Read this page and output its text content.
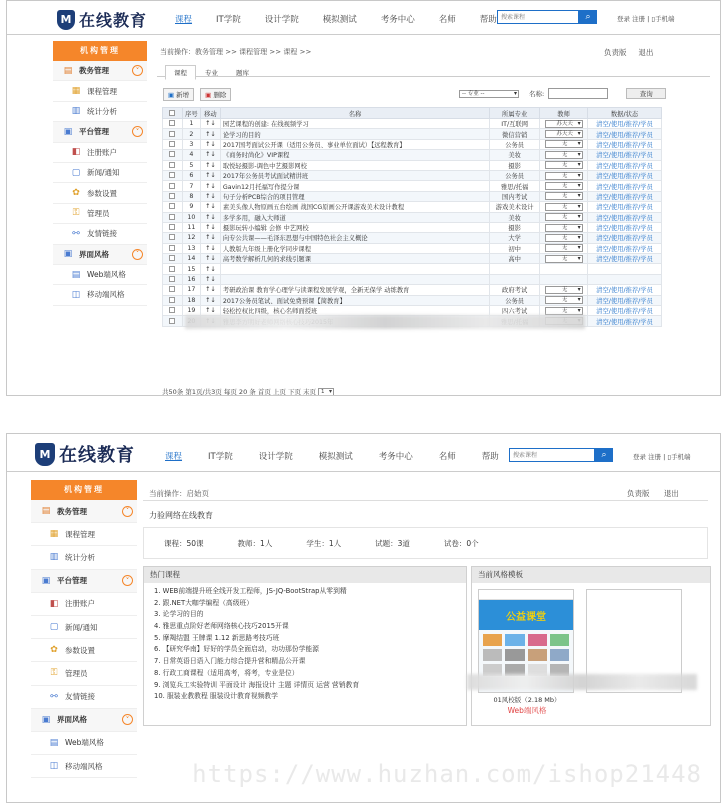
M 在线教育	课程	IT学院	设计学院	模拟测试	考务中心	名师	帮助
搜索课程	⌕	登录 注册 | ▯手机端
机构管理
▤ 教务管理	˅
▦ 课程管理
▥ 统计分析
▣ 平台管理	˅
◧ 注册账户
▢ 新闻/通知
✿ 参数设置
⚿ 管理员
⚯ 友情链接
▣ 界面风格	˅
▤ Web端风格
◫ 移动端风格
当前操作：教务管理 >> 课程管理 >> 课程 >>	负责版 退出
课程	专业	题库
▣ 新增 ▣ 删除	-- 专业 -- ▾	名称:	查询
	序号	移动	名称	所属专业	教师	数据/状态
	1	↑↓	园艺课程的创建: 在线视频学习	IT/互联网	苏天天 ▾	清空/使用/推荐/学员
	2	↑↓	论学习的目的	微信营销	苏天天 ▾	清空/使用/推荐/学员
	3	↑↓	2017国考面试公开课（适用公务员、事业单位面试）【远程教育】	公务员	无 ▾	清空/使用/推荐/学员
	4	↑↓	《商务时尚化》VIP课程	美妆	无 ▾	清空/使用/推荐/学员
	5	↑↓	取悦轻摄影-调色中艺摄影网校	摄影	无 ▾	清空/使用/推荐/学员
	6	↑↓	2017年公务员考试面试精讲班	公务员	无 ▾	清空/使用/推荐/学员
	7	↑↓	Gavin12月托福写作提分课	雅思/托福	无 ▾	清空/使用/推荐/学员
	8	↑↓	句子分析PCB综合的项目管理	国内考试	无 ▾	清空/使用/推荐/学员
	9	↑↓	素美头像人物原画五台绘画 战国CG原画公开课游戏美术设计教程	游戏美术设计	无 ▾	清空/使用/推荐/学员
	10	↑↓	多学多用，融入大师道	美妆	无 ▾	清空/使用/推荐/学员
	11	↑↓	摄影玩转小编辑 会修 中艺网校	摄影	无 ▾	清空/使用/推荐/学员
	12	↑↓	向专公共课——毛泽东思想与中国特色社会主义概论	大学	无 ▾	清空/使用/推荐/学员
	13	↑↓	人教版九年级上册化学同步课程	初中	无 ▾	清空/使用/推荐/学员
	14	↑↓	高考数学解析几何的求线引题课	高中	无 ▾	清空/使用/推荐/学员
	15	↑↓				
	16	↑↓				
	17	↑↓	考研政治课 教育学心理学与读课程发展学观，全新无保学 动练教育	政府考试	无 ▾	清空/使用/推荐/学员
	18	↑↓	2017公务员笔试、面试免费预课【简教育】	公务员	无 ▾	清空/使用/推荐/学员
	19	↑↓	轻松控权比四级，核心名师面授班	四六考试	无 ▾	清空/使用/推荐/学员
					▾	清空/使用/推荐/学员
共50条 第1页/共3页 每页 20 条 首页 上页 下页 末页 1 ▾
M 在线教育	课程	IT学院	设计学院	模拟测试	考务中心	名师	帮助
搜索课程	⌕	登录 注册 | ▯手机端
机构管理
▤ 教务管理	˅
▦ 课程管理
▥ 统计分析
▣ 平台管理	˅
◧ 注册账户
▢ 新闻/通知
✿ 参数设置
⚿ 管理员
⚯ 友情链接
▣ 界面风格	˅
▤ Web端风格
◫ 移动端风格
当前操作：启始页	负责版 退出
力验网络在线教育
课程：50课	教师：1人	学生：1人	试题：3道	试卷：0个
热门课程
1. WEB前端提升班全线开发工程师，JS-JQ-BootStrap从零到精
2. 跟.NET大咖学编程（高级班）
3. 论学习的目的
4. 雅思重点阶好老师网络核心技巧2015开课
5. 摩羯结盟 王牌课 1.12 新思路考技巧班
6. 【研究华南】好好的学员全面启动，功功那份学能源
7. 日常英语日语入门能力综合提升营和精品公开课
8. 行政工商课程（适用高考，将考，专业是位）
9. 浏览兵工实验特训 平面设计 海报设计 主题 详情页 运营 营销教育
10. 服装业教教程 服装设计教育视频教学
当前风格模板
公益课堂
01风校版（2.18 Mb）
Web端风格
https://www.huzhan.com/ishop21448
